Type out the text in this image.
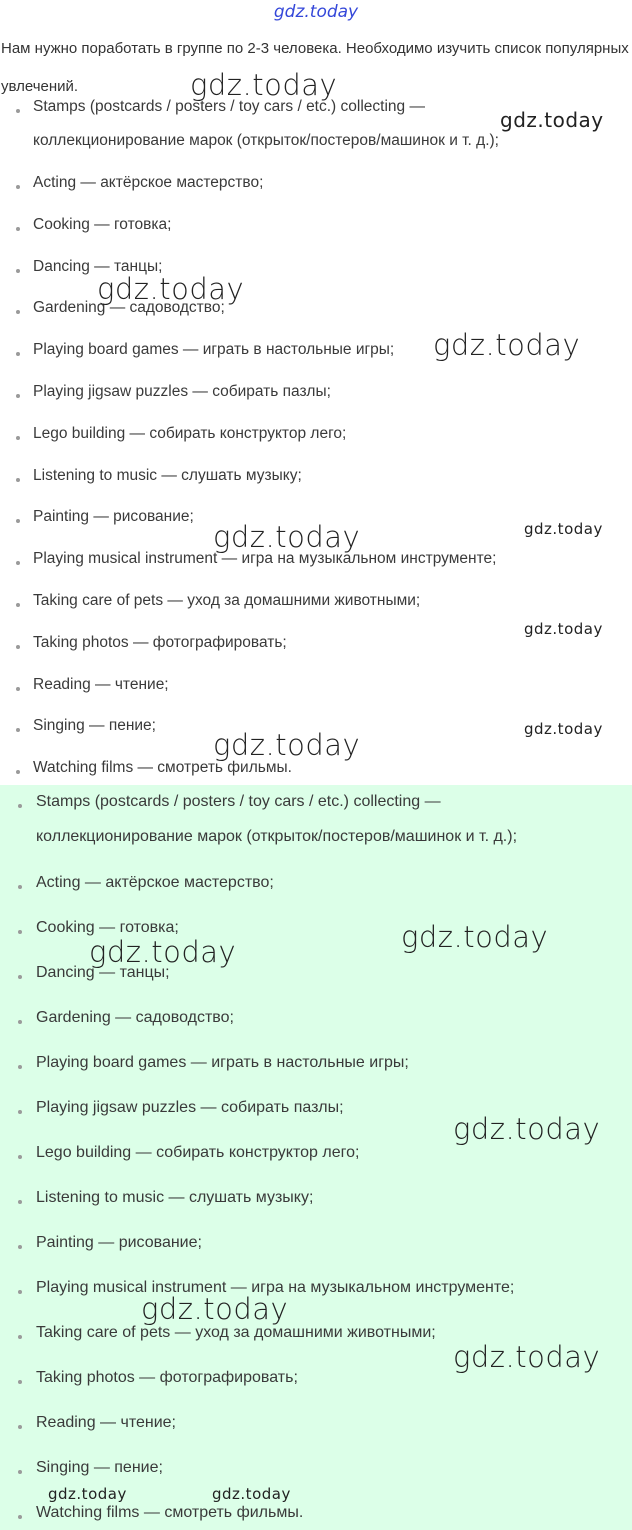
gdz.today
Нам нужно поработать в группе по 2-3 человека. Необходимо изучить список популярных увлечений.
Stamps (postcards / posters / toy cars / etc.) collecting —
коллекционирование марок (открыток/постеров/машинок и т. д.);
Acting — актёрское мастерство;
Cooking — готовка;
Dancing — танцы;
Gardening — садоводство;
Playing board games — играть в настольные игры;
Playing jigsaw puzzles — собирать пазлы;
Lego building — собирать конструктор лего;
Listening to music — слушать музыку;
Painting — рисование;
Playing musical instrument — игра на музыкальном инструменте;
Taking care of pets — уход за домашними животными;
Taking photos — фотографировать;
Reading — чтение;
Singing — пение;
Watching films — смотреть фильмы.
Stamps (postcards / posters / toy cars / etc.) collecting —
коллекционирование марок (открыток/постеров/машинок и т. д.);
Acting — актёрское мастерство;
Cooking — готовка;
Dancing — танцы;
Gardening — садоводство;
Playing board games — играть в настольные игры;
Playing jigsaw puzzles — собирать пазлы;
Lego building — собирать конструктор лего;
Listening to music — слушать музыку;
Painting — рисование;
Playing musical instrument — игра на музыкальном инструменте;
Taking care of pets — уход за домашними животными;
Taking photos — фотографировать;
Reading — чтение;
Singing — пение;
Watching films — смотреть фильмы.
gdz.today
gdz.today
gdz.today
gdz.today
gdz.today	gdz.today
gdz.today
gdz.today
gdz.today
gdz.today
gdz.today
gdz.today
gdz.today
gdz.today
gdz.today	gdz.today
